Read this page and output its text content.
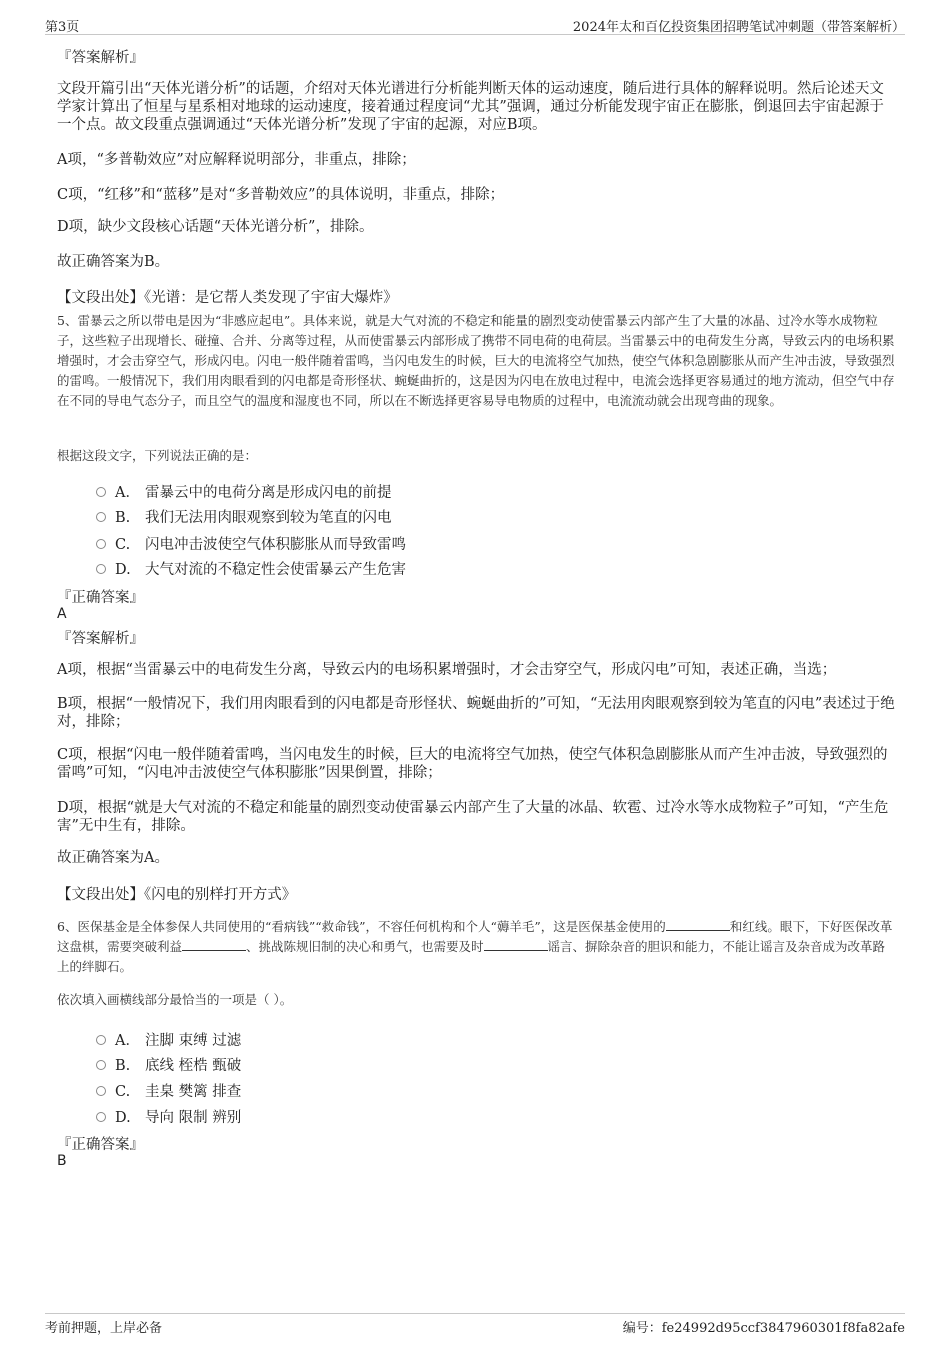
第3页	2024年太和百亿投资集团招聘笔试冲刺题（带答案解析）
『答案解析』
文段开篇引出“天体光谱分析”的话题，介绍对天体光谱进行分析能判断天体的运动速度，随后进行具体的解释说明。然后论述天文学家计算出了恒星与星系相对地球的运动速度，接着通过程度词“尤其”强调，通过分析能发现宇宙正在膨胀，倒退回去宇宙起源于一个点。故文段重点强调通过“天体光谱分析”发现了宇宙的起源，对应B项。
A项，“多普勒效应”对应解释说明部分，非重点，排除；
C项，“红移”和“蓝移”是对“多普勒效应”的具体说明，非重点，排除；
D项，缺少文段核心话题“天体光谱分析”，排除。
故正确答案为B。
【文段出处】《光谱：是它帮人类发现了宇宙大爆炸》
5、雷暴云之所以带电是因为“非感应起电”。具体来说，就是大气对流的不稳定和能量的剧烈变动使雷暴云内部产生了大量的冰晶、过冷水等水成物粒子，这些粒子出现增长、碰撞、合并、分离等过程，从而使雷暴云内部形成了携带不同电荷的电荷层。当雷暴云中的电荷发生分离，导致云内的电场积累增强时，才会击穿空气，形成闪电。闪电一般伴随着雷鸣，当闪电发生的时候，巨大的电流将空气加热，使空气体积急剧膨胀从而产生冲击波，导致强烈的雷鸣。一般情况下，我们用肉眼看到的闪电都是奇形怪状、蜿蜒曲折的，这是因为闪电在放电过程中，电流会选择更容易通过的地方流动，但空气中存在不同的导电气态分子，而且空气的温度和湿度也不同，所以在不断选择更容易导电物质的过程中，电流流动就会出现弯曲的现象。
根据这段文字，下列说法正确的是：
A． 雷暴云中的电荷分离是形成闪电的前提
B. 我们无法用肉眼观察到较为笔直的闪电
C. 闪电冲击波使空气体积膨胀从而导致雷鸣
D. 大气对流的不稳定性会使雷暴云产生危害
『正确答案』
A
『答案解析』
A项，根据“当雷暴云中的电荷发生分离，导致云内的电场积累增强时，才会击穿空气，形成闪电”可知，表述正确，当选；
B项，根据“一般情况下，我们用肉眼看到的闪电都是奇形怪状、蜿蜒曲折的”可知，“无法用肉眼观察到较为笔直的闪电”表述过于绝对，排除；
C项，根据“闪电一般伴随着雷鸣，当闪电发生的时候，巨大的电流将空气加热，使空气体积急剧膨胀从而产生冲击波，导致强烈的雷鸣”可知，“闪电冲击波使空气体积膨胀”因果倒置，排除；
D项，根据“就是大气对流的不稳定和能量的剧烈变动使雷暴云内部产生了大量的冰晶、软雹、过冷水等水成物粒子”可知，“产生危害”无中生有，排除。
故正确答案为A。
【文段出处】《闪电的别样打开方式》
6、医保基金是全体参保人共同使用的“看病钱”“救命钱”，不容任何机构和个人“薅羊毛”，这是医保基金使用的	和红线。眼下，下好医保改革这盘棋，需要突破利益	、挑战陈规旧制的决心和勇气，也需要及时	谣言、摒除杂音的胆识和能力，不能让谣言及杂音成为改革路上的绊脚石。
依次填入画横线部分最恰当的一项是（ ）。
A． 注脚 束缚 过滤
B. 底线 桎梏 甄破
C. 圭臬 樊篱 排查
D. 导向 限制 辨别
『正确答案』
B
考前押题，上岸必备	编号：fe24992d95ccf3847960301f8fa82afe
